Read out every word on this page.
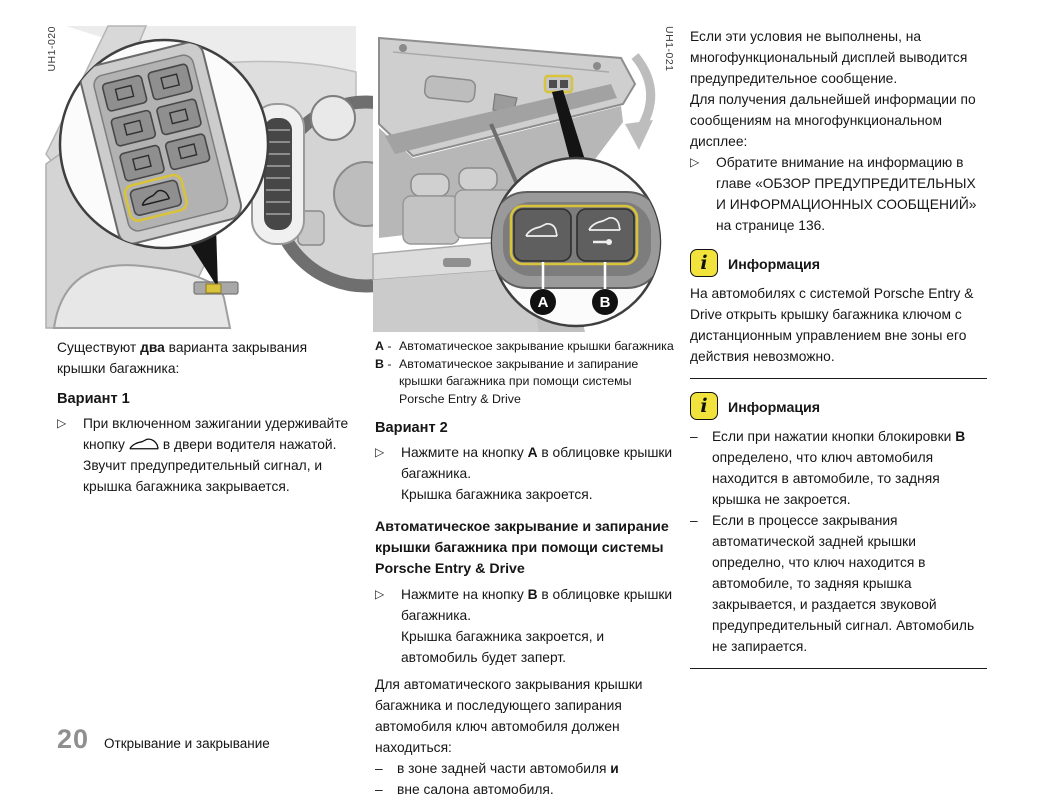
UH1-020	UH1-021
A	B

Существуют два варианта закрывания крышки багажника:

Вариант 1
▷	При включенном зажигании удерживайте кнопку	в двери водителя нажатой. Звучит предупредительный сигнал, и крышка багажника закрывается.
A - Автоматическое закрывание крышки багажника
B - Автоматическое закрывание и запирание крышки багажника при помощи системы
Porsche Entry & Drive
Вариант 2
▷	Нажмите на кнопку А в облицовке крышки багажника.
Крышка багажника закроется.
Автоматическое закрывание и запирание крышки багажника при помощи системы Porsche Entry & Drive
▷	Нажмите на кнопку B в облицовке крышки багажника.
Крышка багажника закроется, и автомобиль будет заперт.

Для автоматического закрывания крышки багажника и последующего запирания автомобиля ключ автомобиля должен находиться:

–	в зоне задней части автомобиля и
–	вне салона автомобиля.

Если эти условия не выполнены, на многофункциональный дисплей выводится предупредительное сообщение.

Для получения дальнейшей информации по сообщениям на многофункциональном дисплее:

▷	Обратите внимание на информацию в главе «ОБЗОР ПРЕДУПРЕДИТЕЛЬНЫХ И ИНФОРМАЦИОННЫХ СООБЩЕНИЙ» на странице 136.
i	Информация

На автомобилях с системой Porsche Entry & Drive открыть крышку багажника ключом с дистанционным управлением вне зоны его действия невозможно.

i	Информация
–	Если при нажатии кнопки блокировки B определено, что ключ автомобиля находится в автомобиле, то задняя крышка не закроется.
–	Если в процессе закрывания автоматической задней крышки определно, что ключ находится в автомобиле, то задняя крышка закрывается, и раздается звуковой предупредительный сигнал. Автомобиль не запирается.
20 Открывание и закрывание
